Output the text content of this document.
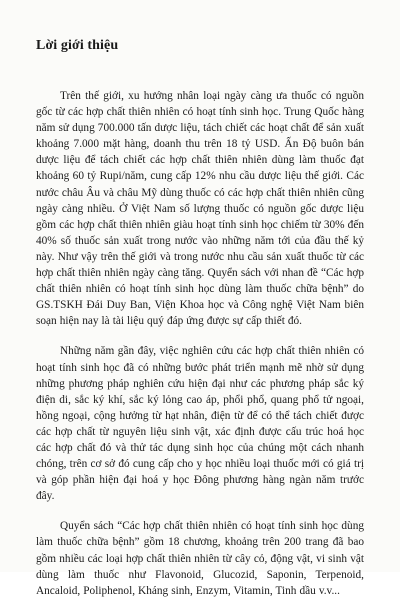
Lời giới thiệu

Trên thế giới, xu hướng nhân loại ngày càng ưa thuốc có nguồn gốc từ các hợp chất thiên nhiên có hoạt tính sinh học. Trung Quốc hàng năm sử dụng 700.000 tấn dược liệu, tách chiết các hoạt chất để sản xuất khoảng 7.000 mặt hàng, doanh thu trên 18 tỷ USD. Ấn Độ buôn bán dược liệu để tách chiết các hợp chất thiên nhiên dùng làm thuốc đạt khoảng 60 tỷ Rupi/năm, cung cấp 12% nhu cầu dược liệu thế giới. Các nước châu Âu và châu Mỹ dùng thuốc có các hợp chất thiên nhiên cũng ngày càng nhiều. Ở Việt Nam số lượng thuốc có nguồn gốc dược liệu gồm các hợp chất thiên nhiên giàu hoạt tính sinh học chiếm từ 30% đến 40% số thuốc sản xuất trong nước vào những năm tới của đầu thế kỷ này. Như vậy trên thế giới và trong nước nhu cầu sản xuất thuốc từ các hợp chất thiên nhiên ngày càng tăng. Quyển sách với nhan đề “Các hợp chất thiên nhiên có hoạt tính sinh học dùng làm thuốc chữa bệnh” do GS.TSKH Đái Duy Ban, Viện Khoa học và Công nghệ Việt Nam biên soạn hiện nay là tài liệu quý đáp ứng được sự cấp thiết đó.

Những năm gần đây, việc nghiên cứu các hợp chất thiên nhiên có hoạt tính sinh học đã có những bước phát triển mạnh mẽ nhờ sử dụng những phương pháp nghiên cứu hiện đại như các phương pháp sắc ký điện di, sắc ký khí, sắc ký lỏng cao áp, phổi phổ, quang phổ tử ngoại, hồng ngoại, cộng hưởng từ hạt nhân, điện từ để có thể tách chiết được các hợp chất từ nguyên liệu sinh vật, xác định được cấu trúc hoá học các hợp chất đó và thử tác dụng sinh học của chúng một cách nhanh chóng, trên cơ sở đó cung cấp cho y học nhiều loại thuốc mới có giá trị và góp phần hiện đại hoá y học Đông phương hàng ngàn năm trước đây.

Quyển sách “Các hợp chất thiên nhiên có hoạt tính sinh học dùng làm thuốc chữa bệnh” gồm 18 chương, khoảng trên 200 trang đã bao gồm nhiều các loại hợp chất thiên nhiên từ cây cỏ, động vật, vi sinh vật dùng làm thuốc như Flavonoid, Glucozid, Saponin, Terpenoid, Ancaloid, Poliphenol, Kháng sinh, Enzym, Vitamin, Tinh dầu v.v...
